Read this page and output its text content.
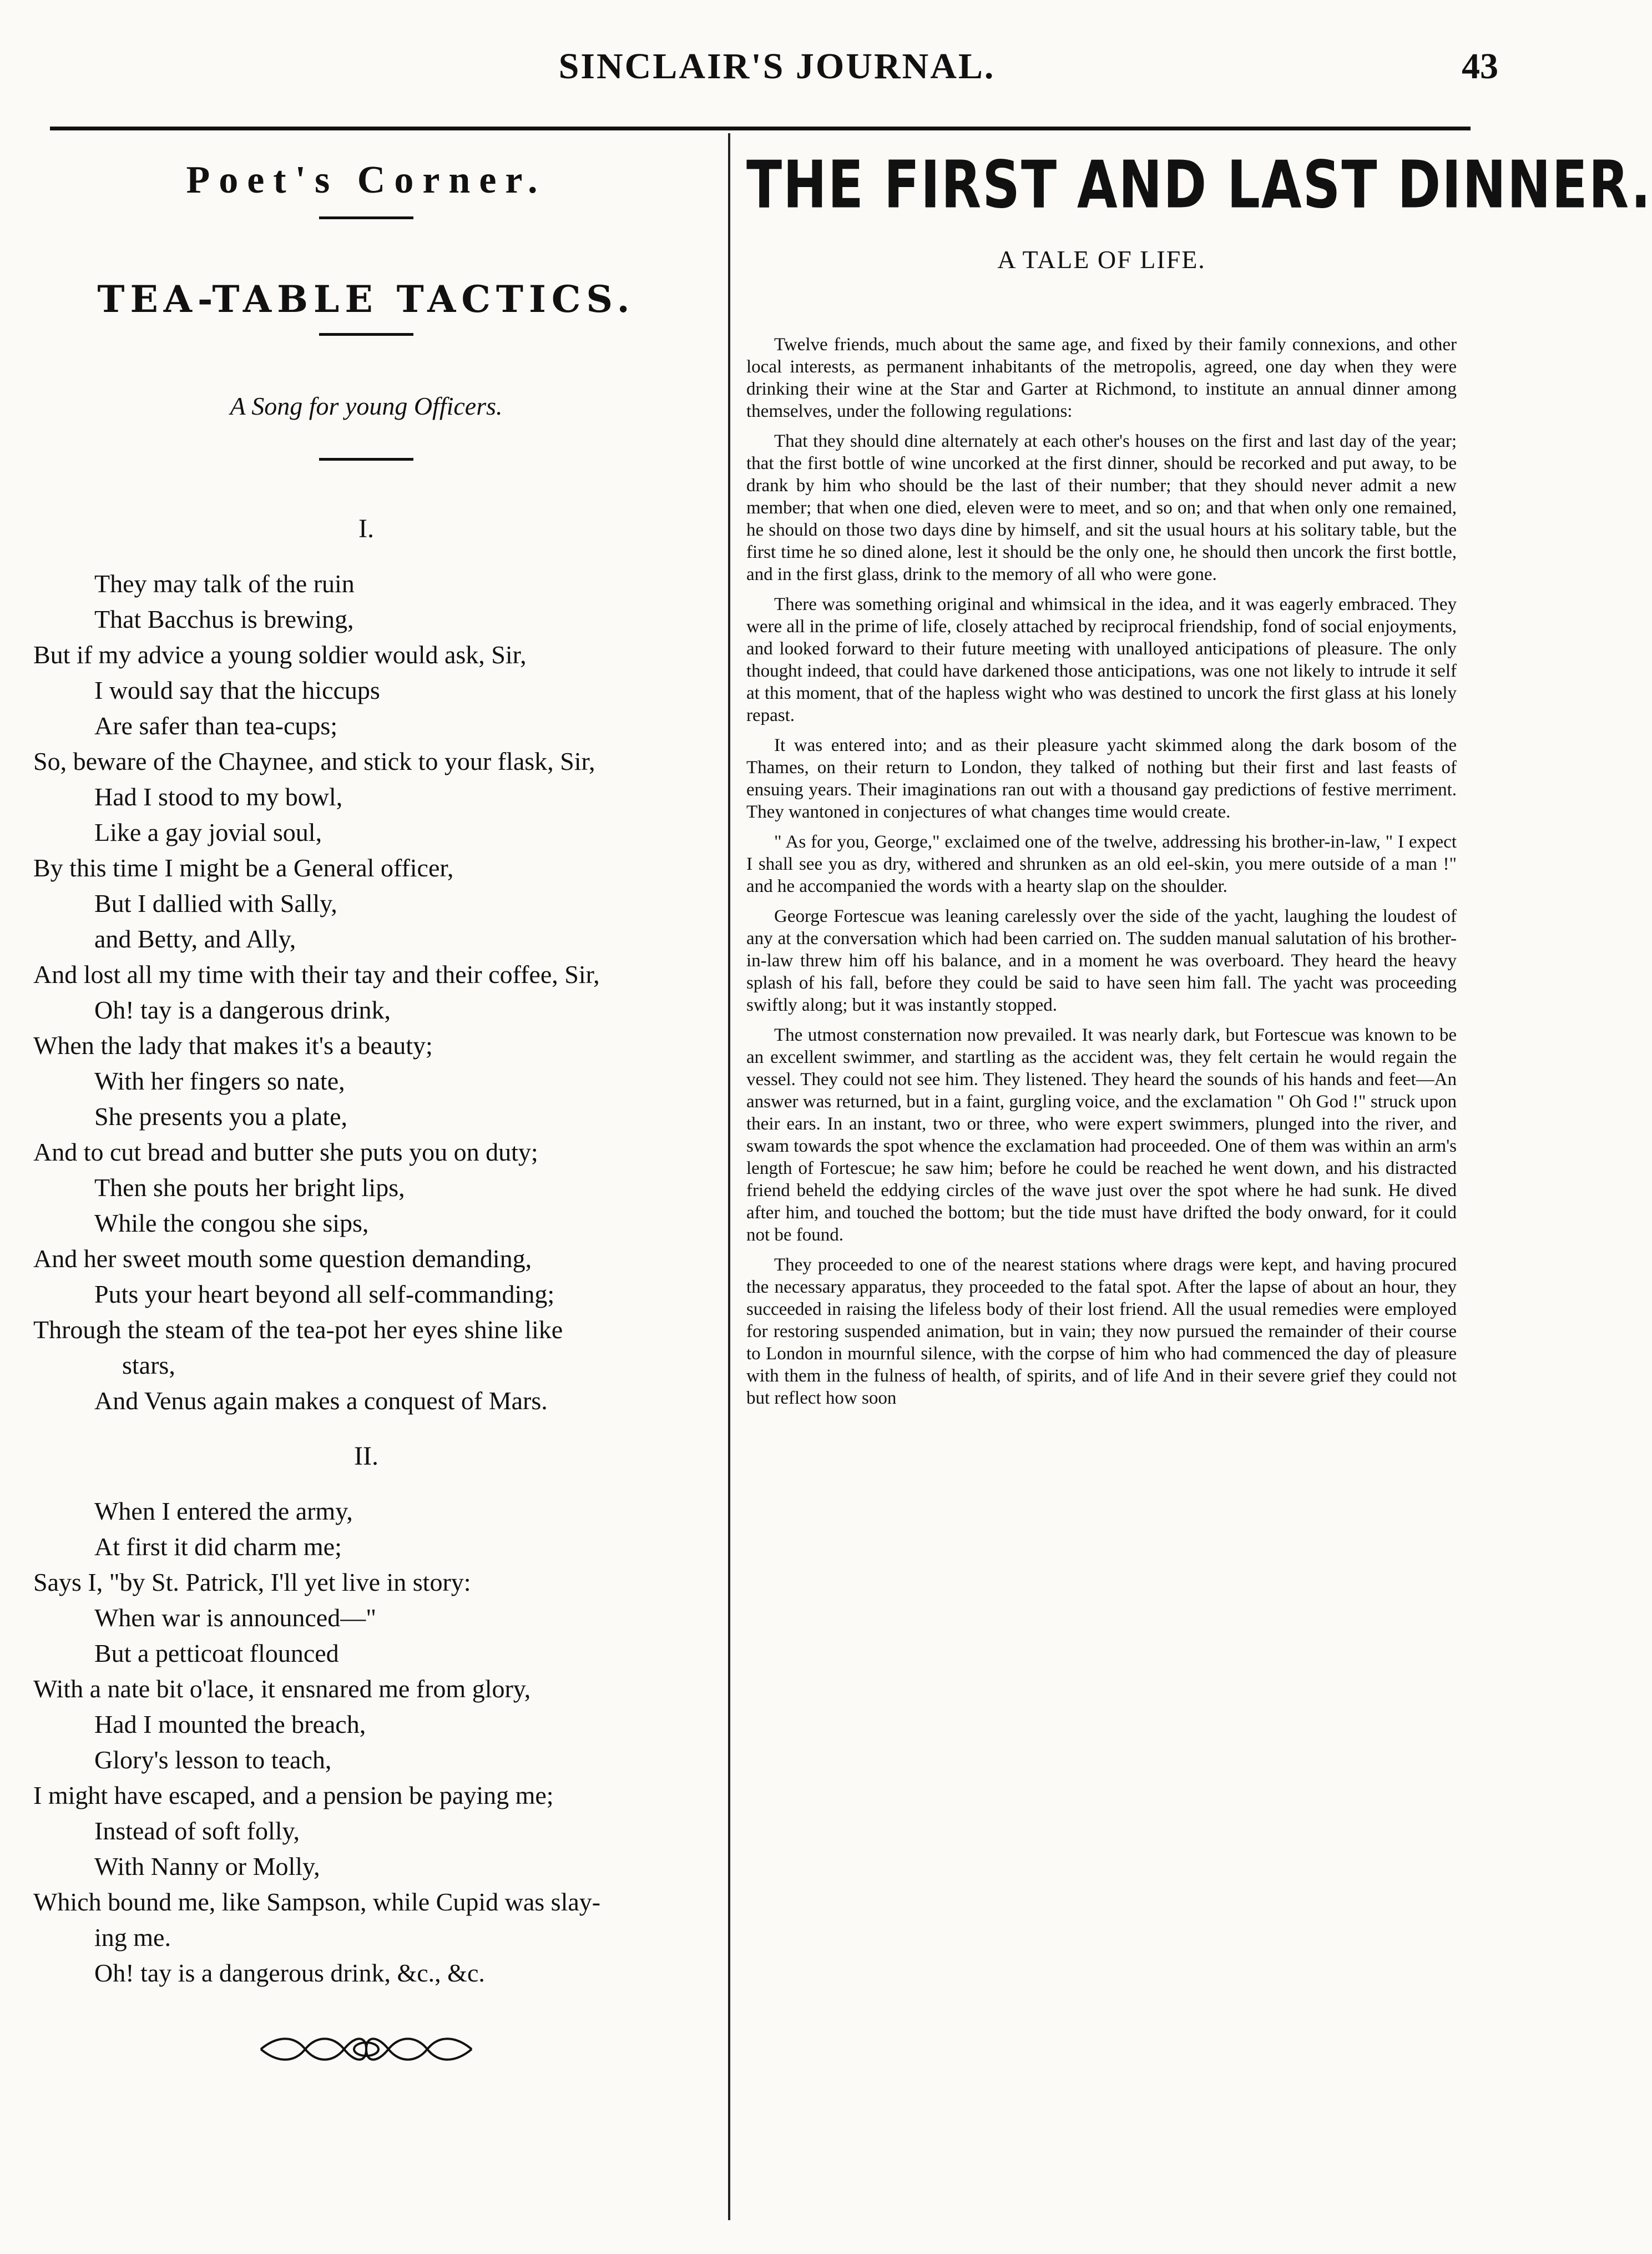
SINCLAIR'S JOURNAL.	43
Poet's Corner.
TEA-TABLE TACTICS.
A Song for young Officers.
I.
They may talk of the ruin
That Bacchus is brewing,
But if my advice a young soldier would ask, Sir,
I would say that the hiccups
Are safer than tea-cups;
So, beware of the Chaynee, and stick to your flask, Sir,
Had I stood to my bowl,
Like a gay jovial soul,
By this time I might be a General officer,
But I dallied with Sally,
and Betty, and Ally,
And lost all my time with their tay and their coffee, Sir,
Oh! tay is a dangerous drink,
When the lady that makes it's a beauty;
With her fingers so nate,
She presents you a plate,
And to cut bread and butter she puts you on duty;
Then she pouts her bright lips,
While the congou she sips,
And her sweet mouth some question demanding,
Puts your heart beyond all self-commanding;
Through the steam of the tea-pot her eyes shine like
stars,
And Venus again makes a conquest of Mars.
II.
When I entered the army,
At first it did charm me;
Says I, "by St. Patrick, I'll yet live in story:
When war is announced—"
But a petticoat flounced
With a nate bit o'lace, it ensnared me from glory,
Had I mounted the breach,
Glory's lesson to teach,
I might have escaped, and a pension be paying me;
Instead of soft folly,
With Nanny or Molly,
Which bound me, like Sampson, while Cupid was slay-
ing me.
Oh! tay is a dangerous drink, &c., &c.
THE FIRST AND LAST DINNER.
A TALE OF LIFE.

Twelve friends, much about the same age, and fixed by their family connexions, and other local interests, as permanent inhabitants of the metropolis, agreed, one day when they were drinking their wine at the Star and Garter at Richmond, to institute an annual dinner among themselves, under the following regulations:

That they should dine alternately at each other's houses on the first and last day of the year; that the first bottle of wine uncorked at the first dinner, should be recorked and put away, to be drank by him who should be the last of their number; that they should never admit a new member; that when one died, eleven were to meet, and so on; and that when only one remained, he should on those two days dine by himself, and sit the usual hours at his solitary table, but the first time he so dined alone, lest it should be the only one, he should then uncork the first bottle, and in the first glass, drink to the memory of all who were gone.

There was something original and whimsical in the idea, and it was eagerly embraced. They were all in the prime of life, closely attached by reciprocal friendship, fond of social enjoyments, and looked forward to their future meeting with unalloyed anticipations of pleasure. The only thought indeed, that could have darkened those anticipations, was one not likely to intrude it self at this moment, that of the hapless wight who was destined to uncork the first glass at his lonely repast.

It was entered into; and as their pleasure yacht skimmed along the dark bosom of the Thames, on their return to London, they talked of nothing but their first and last feasts of ensuing years. Their imaginations ran out with a thousand gay predictions of festive merriment. They wantoned in conjectures of what changes time would create.

" As for you, George," exclaimed one of the twelve, addressing his brother-in-law, " I expect I shall see you as dry, withered and shrunken as an old eel-skin, you mere outside of a man !" and he accompanied the words with a hearty slap on the shoulder.

George Fortescue was leaning carelessly over the side of the yacht, laughing the loudest of any at the conversation which had been carried on. The sudden manual salutation of his brother-in-law threw him off his balance, and in a moment he was overboard. They heard the heavy splash of his fall, before they could be said to have seen him fall. The yacht was proceeding swiftly along; but it was instantly stopped.

The utmost consternation now prevailed. It was nearly dark, but Fortescue was known to be an excellent swimmer, and startling as the accident was, they felt certain he would regain the vessel. They could not see him. They listened. They heard the sounds of his hands and feet—An answer was returned, but in a faint, gurgling voice, and the exclamation " Oh God !" struck upon their ears. In an instant, two or three, who were expert swimmers, plunged into the river, and swam towards the spot whence the exclamation had proceeded. One of them was within an arm's length of Fortescue; he saw him; before he could be reached he went down, and his distracted friend beheld the eddying circles of the wave just over the spot where he had sunk. He dived after him, and touched the bottom; but the tide must have drifted the body onward, for it could not be found.

They proceeded to one of the nearest stations where drags were kept, and having procured the necessary apparatus, they proceeded to the fatal spot. After the lapse of about an hour, they succeeded in raising the lifeless body of their lost friend. All the usual remedies were employed for restoring suspended animation, but in vain; they now pursued the remainder of their course to London in mournful silence, with the corpse of him who had commenced the day of pleasure with them in the fulness of health, of spirits, and of life And in their severe grief they could not but reflect how soon
